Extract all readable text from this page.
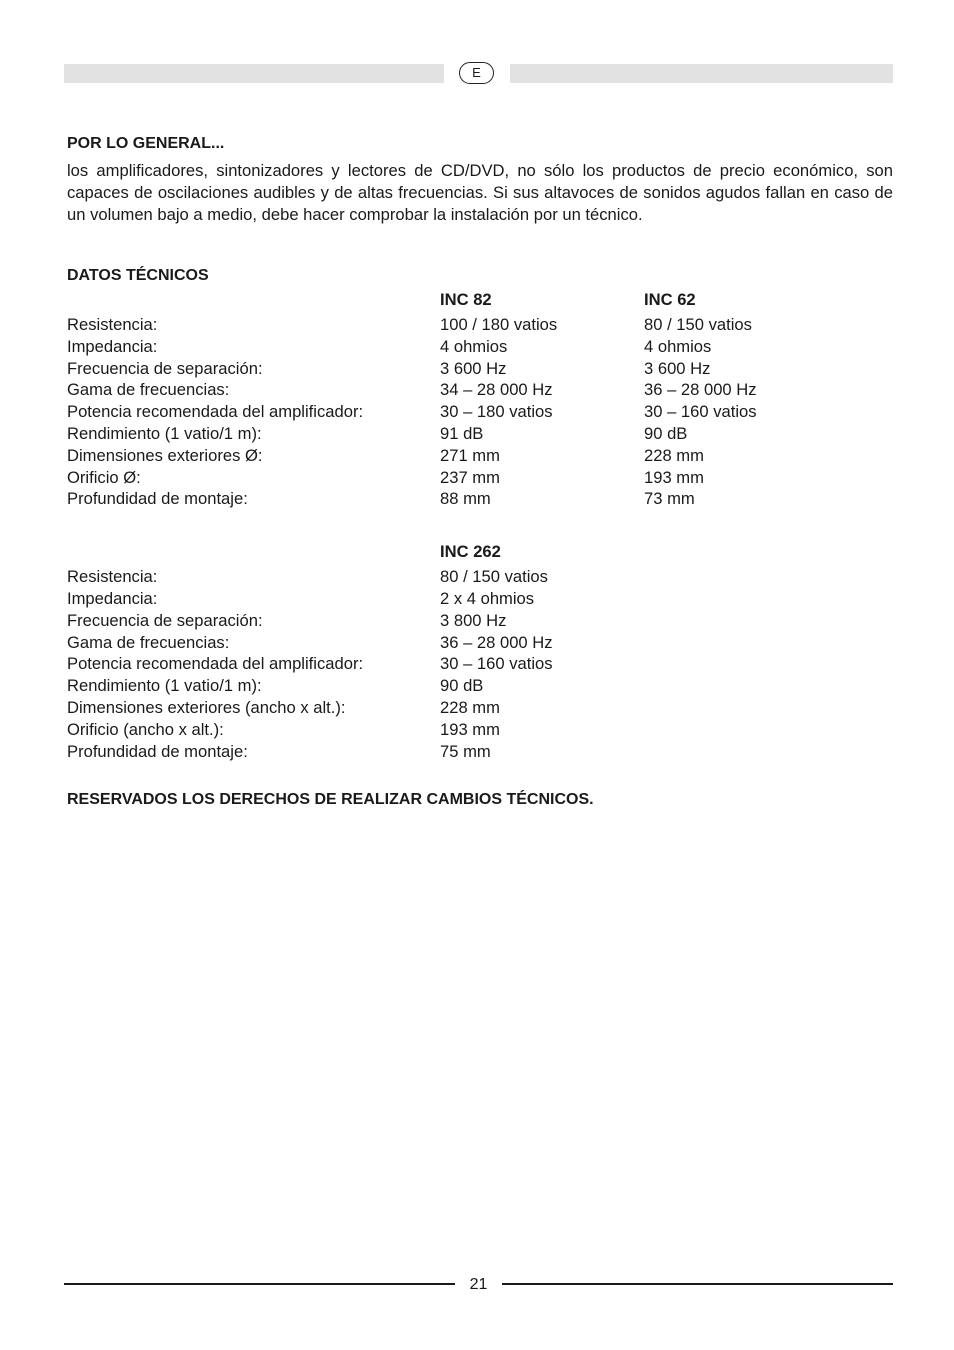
E

POR LO GENERAL...

los amplificadores, sintonizadores y lectores de CD/DVD, no sólo los productos de precio económico, son capaces de oscilaciones audibles y de altas frecuencias. Si sus altavoces de sonidos agudos fallan en caso de un volumen bajo a medio, debe hacer comprobar la instalación por un técnico.

DATOS TÉCNICOS

	INC 82	INC 62
Resistencia:	100 / 180 vatios	80 / 150 vatios
Impedancia:	4 ohmios	4 ohmios
Frecuencia de separación:	3 600 Hz	3 600 Hz
Gama de frecuencias:	34 – 28 000 Hz	36 – 28 000 Hz
Potencia recomendada del amplificador:	30 – 180 vatios	30 – 160 vatios
Rendimiento (1 vatio/1 m):	91 dB	90 dB
Dimensiones exteriores Ø:	271 mm	228 mm
Orificio Ø:	237 mm	193 mm
Profundidad de montaje:	88 mm	73 mm
	INC 262	
Resistencia:	80 / 150 vatios	
Impedancia:	2 x 4 ohmios	
Frecuencia de separación:	3 800 Hz	
Gama de frecuencias:	36 – 28 000 Hz	
Potencia recomendada del amplificador:	30 – 160 vatios	
Rendimiento (1 vatio/1 m):	90 dB	
Dimensiones exteriores (ancho x alt.):	228 mm	
Orificio (ancho x alt.):	193 mm	
Profundidad de montaje:	75 mm	

RESERVADOS LOS DERECHOS DE REALIZAR CAMBIOS TÉCNICOS.

21
